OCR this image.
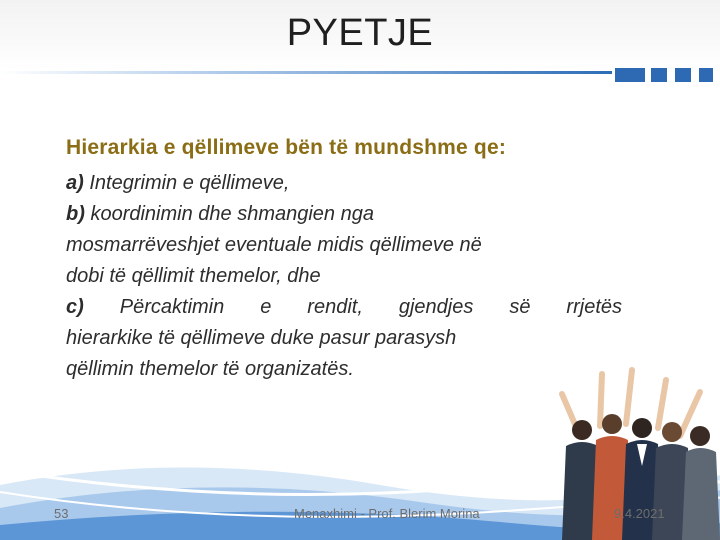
PYETJE

Hierarkia e qëllimeve bën të mundshme qe:

a) Integrimin e qëllimeve,

b) koordinimin dhe shmangien nga mosmarrëveshjet eventuale midis qëllimeve në dobi të qëllimit themelor, dhe

c) Përcaktimin e rendit, gjendjes së rrjetës
hierarkike të qëllimeve duke pasur parasysh
qëllimin themelor të organizatës.

53	Menaxhimi - Prof. Blerim Morina	9.4.2021
